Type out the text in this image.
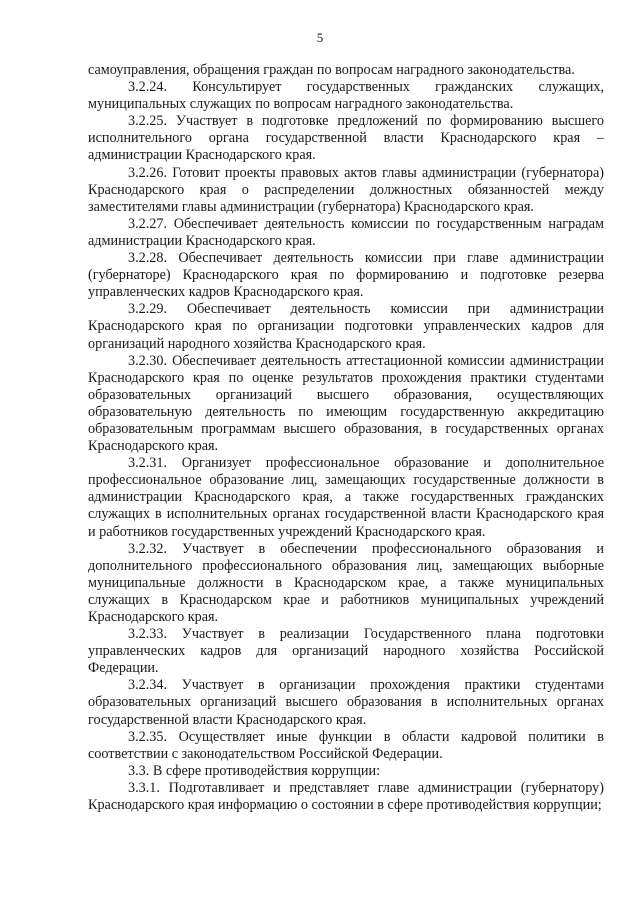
5

самоуправления, обращения граждан по вопросам наградного законодательства.

3.2.24. Консультирует государственных гражданских служащих, муниципальных служащих по вопросам наградного законодательства.

3.2.25. Участвует в подготовке предложений по формированию высшего исполнительного органа государственной власти Краснодарского края – администрации Краснодарского края.

3.2.26. Готовит проекты правовых актов главы администрации (губернатора) Краснодарского края о распределении должностных обязанностей между заместителями главы администрации (губернатора) Краснодарского края.

3.2.27. Обеспечивает деятельность комиссии по государственным наградам администрации Краснодарского края.

3.2.28. Обеспечивает деятельность комиссии при главе администрации (губернаторе) Краснодарского края по формированию и подготовке резерва управленческих кадров Краснодарского края.

3.2.29. Обеспечивает деятельность комиссии при администрации Краснодарского края по организации подготовки управленческих кадров для организаций народного хозяйства Краснодарского края.

3.2.30. Обеспечивает деятельность аттестационной комиссии администрации Краснодарского края по оценке результатов прохождения практики студентами образовательных организаций высшего образования, осуществляющих образовательную деятельность по имеющим государственную аккредитацию образовательным программам высшего образования, в государственных органах Краснодарского края.

3.2.31. Организует профессиональное образование и дополнительное профессиональное образование лиц, замещающих государственные должности в администрации Краснодарского края, а также государственных гражданских служащих в исполнительных органах государственной власти Краснодарского края и работников государственных учреждений Краснодарского края.

3.2.32. Участвует в обеспечении профессионального образования и дополнительного профессионального образования лиц, замещающих выборные муниципальные должности в Краснодарском крае, а также муниципальных служащих в Краснодарском крае и работников муниципальных учреждений Краснодарского края.

3.2.33. Участвует в реализации Государственного плана подготовки управленческих кадров для организаций народного хозяйства Российской Федерации.

3.2.34. Участвует в организации прохождения практики студентами образовательных организаций высшего образования в исполнительных органах государственной власти Краснодарского края.

3.2.35. Осуществляет иные функции в области кадровой политики в соответствии с законодательством Российской Федерации.

3.3. В сфере противодействия коррупции:

3.3.1. Подготавливает и представляет главе администрации (губернатору) Краснодарского края информацию о состоянии в сфере противодействия коррупции;
